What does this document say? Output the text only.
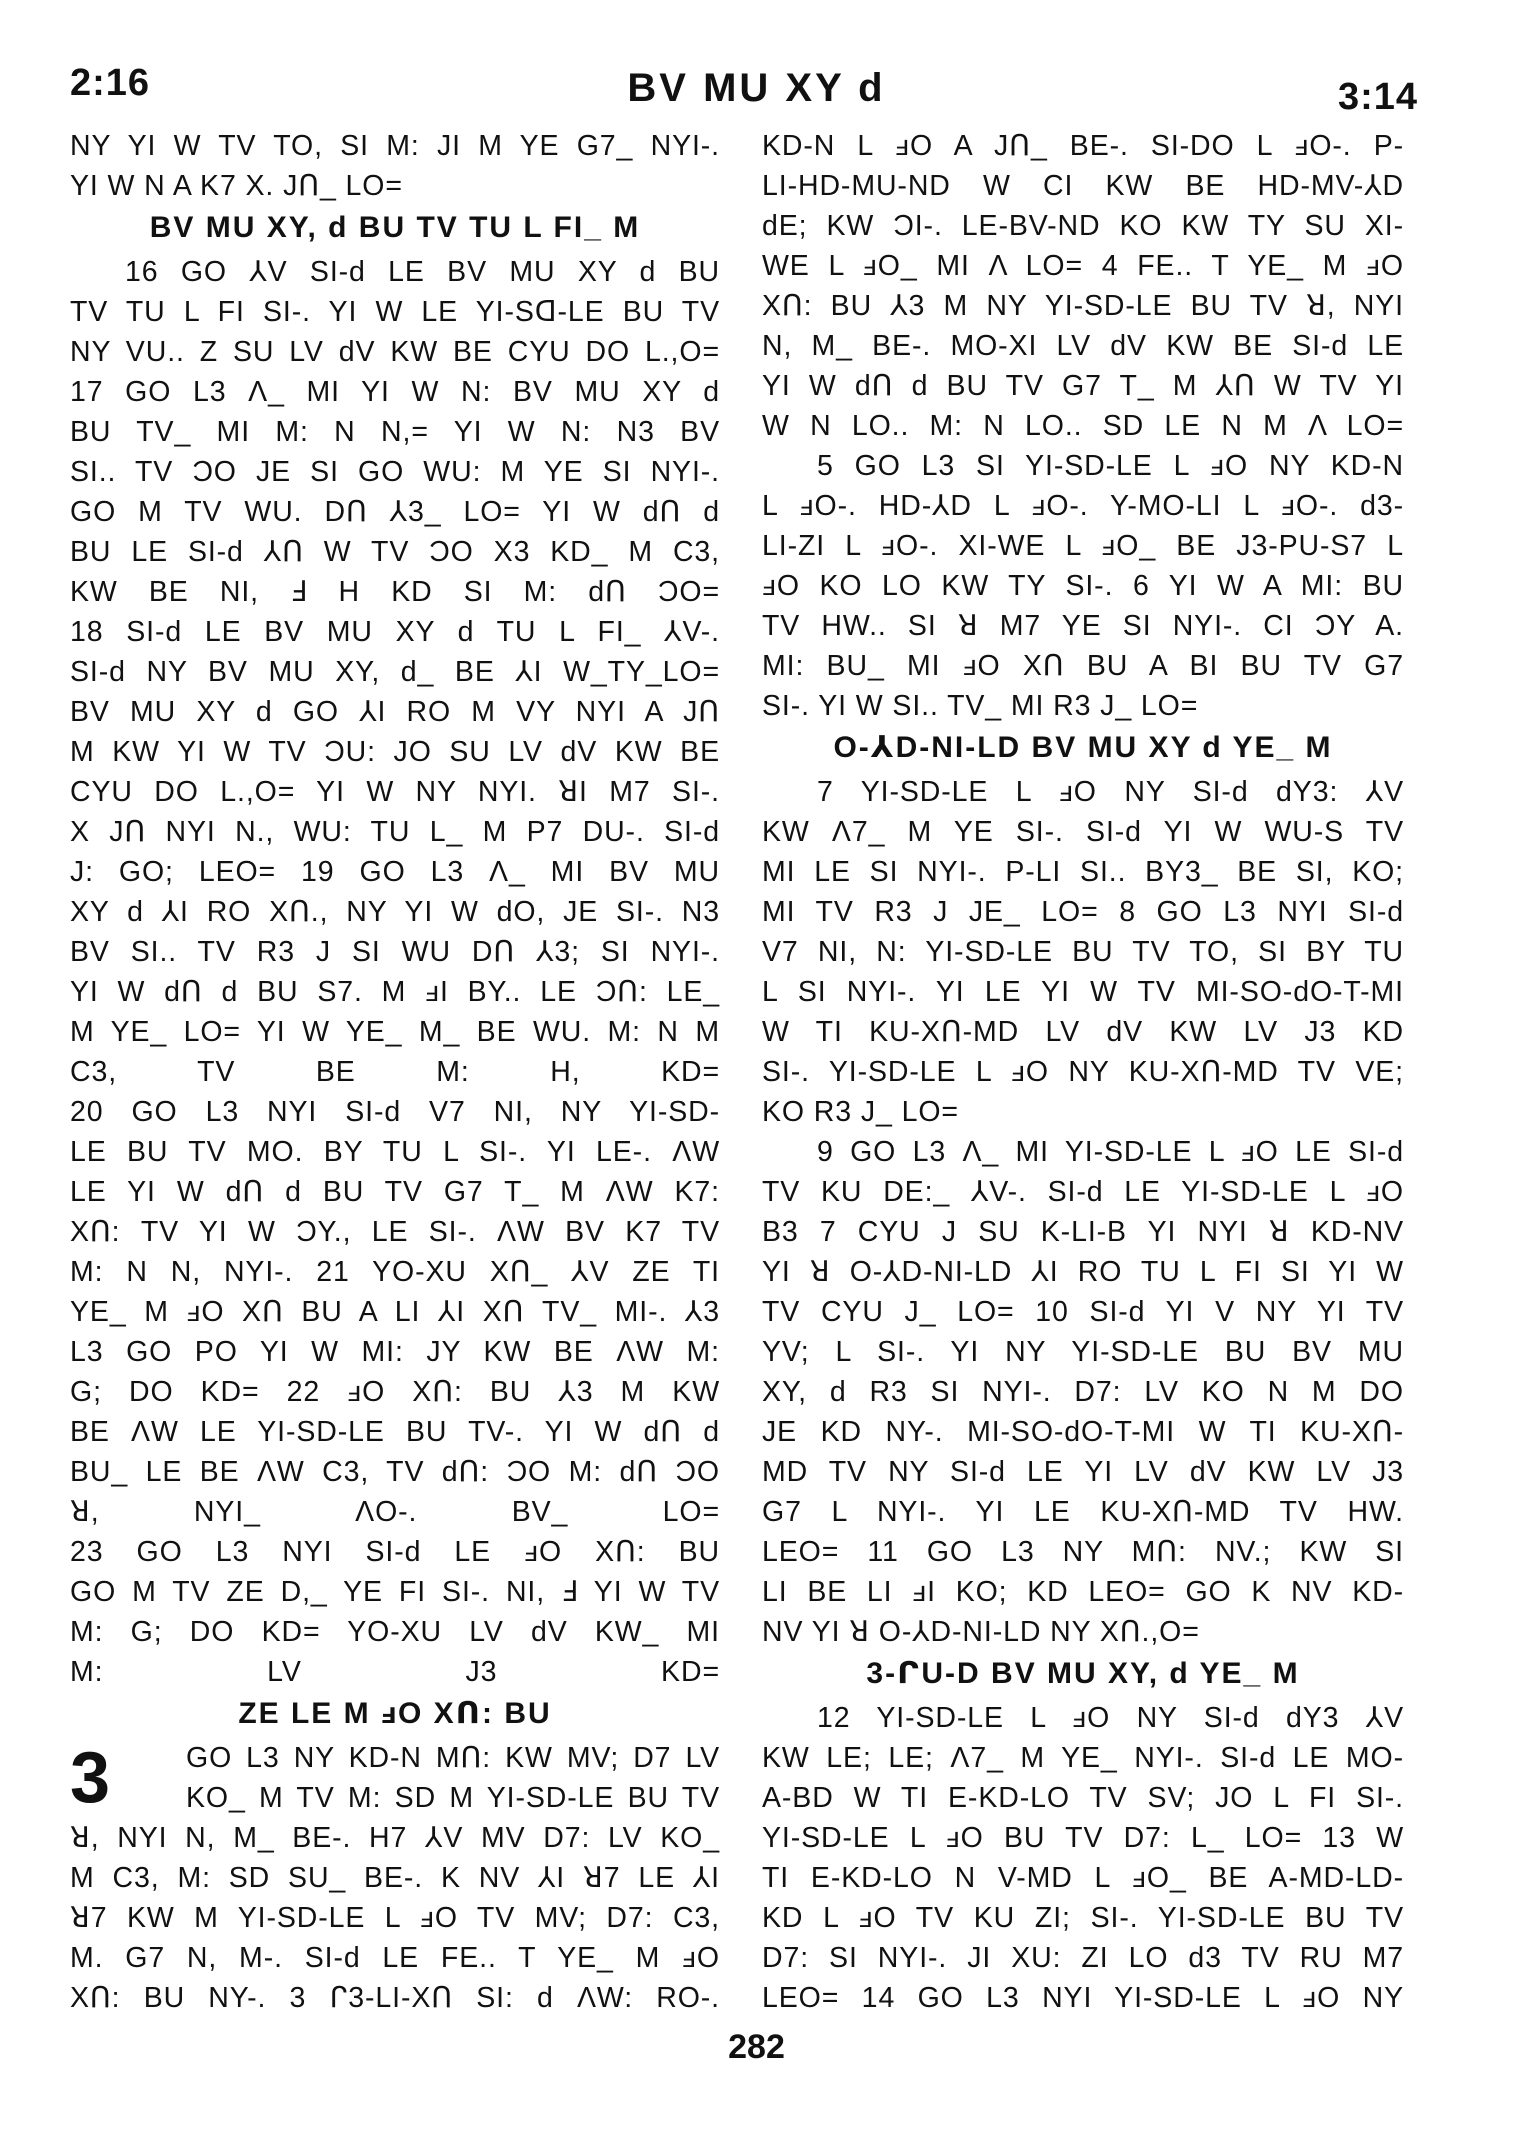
2:16	BV MU XY d	3:14
NY YI W TV TO, SI M: JI M YE G7_ NYI-.
YI W N A K7 X. Jᑎ_ LO=
BV MU XY, d BU TV TU L FI_ M
16 GO ⅄V SI-d LE BV MU XY d BU
TV TU L FI SI-. YI W LE YI-Sᗡ-LE BU TV
NY VU.. Z SU LV dV KW BE CYU DO L.,O=
17 GO L3 Λ_ MI YI W N: BV MU XY d
BU TV_ MI M: N N,= YI W N: N3 BV
SI.. TV ƆO JE SI GO WU: M YE SI NYI-.
GO M TV WU. Dᑎ ⅄3_ LO= YI W dᑎ d
BU LE SI-d ⅄ᑎ W TV ƆO X3 KD_ M C3,
KW BE NI, Ⅎ H KD SI M: dᑎ ƆO=
18 SI-d LE BV MU XY d TU L FI_ ⅄V-.
SI-d NY BV MU XY, d_ BE ⅄I W_TY_LO=
BV MU XY d GO ⅄I RO M VY NYI A Jᑎ
M KW YI W TV ƆU: JO SU LV dV KW BE
CYU DO L.,O= YI W NY NYI. ꓤI M7 SI-.
X Jᑎ NYI N., WU: TU L_ M P7 DU-. SI-d
J: GO; LEO= 19 GO L3 Λ_ MI BV MU
XY d ⅄I RO Xᑎ., NY YI W dO, JE SI-. N3
BV SI.. TV R3 J SI WU Dᑎ ⅄3; SI NYI-.
YI W dᑎ d BU S7. M ⅎI BY.. LE Ɔᑎ: LE_
M YE_ LO= YI W YE_ M_ BE WU. M: N M
C3, TV BE M: H, KD=
20 GO L3 NYI SI-d V7 NI, NY YI-SD-
LE BU TV MO. BY TU L SI-. YI LE-. ΛW
LE YI W dᑎ d BU TV G7 T_ M ΛW K7:
Xᑎ: TV YI W ƆY., LE SI-. ΛW BV K7 TV
M: N N, NYI-. 21 YO-XU Xᑎ_ ⅄V ZE TI
YE_ M ⅎO Xᑎ BU A LI ⅄I Xᑎ TV_ MI-. ⅄3
L3 GO PO YI W MI: JY KW BE ΛW M:
G; DO KD= 22 ⅎO Xᑎ: BU ⅄3 M KW
BE ΛW LE YI-SD-LE BU TV-. YI W dᑎ d
BU_ LE BE ΛW C3, TV dᑎ: ƆO M: dᑎ ƆO
ꓤ, NYI_ ΛO-. BV_ LO=
23 GO L3 NYI SI-d LE ⅎO Xᑎ: BU
GO M TV ZE D,_ YE FI SI-. NI, Ⅎ YI W TV
M: G; DO KD= YO-XU LV dV KW_ MI
M: LV J3 KD=
ZE LE M ⅎO Xᑎ: BU
3	GO L3 NY KD-N Mᑎ: KW MV; D7 LV
KO_ M TV M: SD M YI-SD-LE BU TV
ꓤ, NYI N, M_ BE-. H7 ⅄V MV D7: LV KO_
M C3, M: SD SU_ BE-. K NV ⅄I ꓤ7 LE ⅄I
ꓤ7 KW M YI-SD-LE L ⅎO TV MV; D7: C3,
M. G7 N, M-. SI-d LE FE.. T YE_ M ⅎO
Xᑎ: BU NY-. 3 ᒋ3-LI-Xᑎ SI: d ΛW: RO-.
KD-N L ⅎO A Jᑎ_ BE-. SI-DO L ⅎO-. P-
LI-HD-MU-ND W CI KW BE HD-MV-⅄D
dE; KW ƆI-. LE-BV-ND KO KW TY SU XI-
WE L ⅎO_ MI Λ LO= 4 FE.. T YE_ M ⅎO
Xᑎ: BU ⅄3 M NY YI-SD-LE BU TV ꓤ, NYI
N, M_ BE-. MO-XI LV dV KW BE SI-d LE
YI W dᑎ d BU TV G7 T_ M ⅄ᑎ W TV YI
W N LO.. M: N LO.. SD LE N M Λ LO=
5 GO L3 SI YI-SD-LE L ⅎO NY KD-N
L ⅎO-. HD-⅄D L ⅎO-. Y-MO-LI L ⅎO-. d3-
LI-ZI L ⅎO-. XI-WE L ⅎO_ BE J3-PU-S7 L
ⅎO KO LO KW TY SI-. 6 YI W A MI: BU
TV HW.. SI ꓤ M7 YE SI NYI-. CI ƆY A.
MI: BU_ MI ⅎO Xᑎ BU A BI BU TV G7
SI-. YI W SI.. TV_ MI R3 J_ LO=
O-⅄D-NI-LD BV MU XY d YE_ M
7 YI-SD-LE L ⅎO NY SI-d dY3: ⅄V
KW Λ7_ M YE SI-. SI-d YI W WU-S TV
MI LE SI NYI-. P-LI SI.. BY3_ BE SI, KO;
MI TV R3 J JE_ LO= 8 GO L3 NYI SI-d
V7 NI, N: YI-SD-LE BU TV TO, SI BY TU
L SI NYI-. YI LE YI W TV MI-SO-dO-T-MI
W TI KU-Xᑎ-MD LV dV KW LV J3 KD
SI-. YI-SD-LE L ⅎO NY KU-Xᑎ-MD TV VE;
KO R3 J_ LO=
9 GO L3 Λ_ MI YI-SD-LE L ⅎO LE SI-d
TV KU DE:_ ⅄V-. SI-d LE YI-SD-LE L ⅎO
B3 7 CYU J SU K-LI-B YI NYI ꓤ KD-NV
YI ꓤ O-⅄D-NI-LD ⅄I RO TU L FI SI YI W
TV CYU J_ LO= 10 SI-d YI V NY YI TV
YV; L SI-. YI NY YI-SD-LE BU BV MU
XY, d R3 SI NYI-. D7: LV KO N M DO
JE KD NY-. MI-SO-dO-T-MI W TI KU-Xᑎ-
MD TV NY SI-d LE YI LV dV KW LV J3
G7 L NYI-. YI LE KU-Xᑎ-MD TV HW.
LEO= 11 GO L3 NY Mᑎ: NV.; KW SI
LI BE LI ⅎI KO; KD LEO= GO K NV KD-
NV YI ꓤ O-⅄D-NI-LD NY Xᑎ.,O=
3-ᒋU-D BV MU XY, d YE_ M
12 YI-SD-LE L ⅎO NY SI-d dY3 ⅄V
KW LE; LE; Λ7_ M YE_ NYI-. SI-d LE MO-
A-BD W TI E-KD-LO TV SV; JO L FI SI-.
YI-SD-LE L ⅎO BU TV D7: L_ LO= 13 W
TI E-KD-LO N V-MD L ⅎO_ BE A-MD-LD-
KD L ⅎO TV KU ZI; SI-. YI-SD-LE BU TV
D7: SI NYI-. JI XU: ZI LO d3 TV RU M7
LEO= 14 GO L3 NYI YI-SD-LE L ⅎO NY
282
